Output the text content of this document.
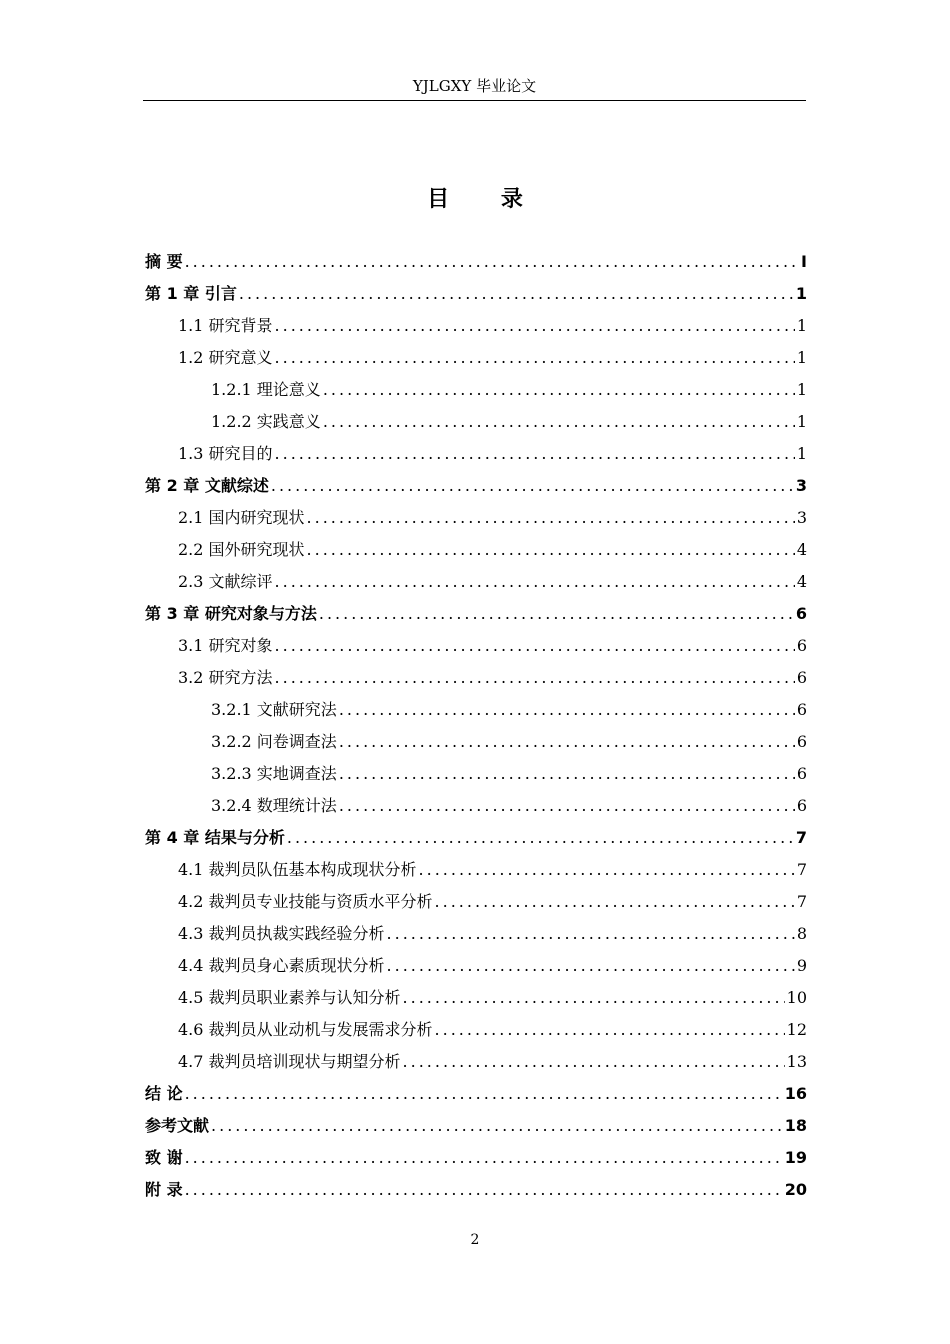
YJLGXY 毕业论文
目 录
摘 要 .....	I
第 1 章 引言 .....	1
1.1 研究背景 .....	1
1.2 研究意义 .....	1
1.2.1 理论意义 .....	1
1.2.2 实践意义 .....	1
1.3 研究目的 .....	1
第 2 章 文献综述 .....	3
2.1 国内研究现状 .....	3
2.2 国外研究现状 .....	4
2.3 文献综评 .....	4
第 3 章 研究对象与方法 .....	6
3.1 研究对象 .....	6
3.2 研究方法 .....	6
3.2.1 文献研究法 .....	6
3.2.2 问卷调查法 .....	6
3.2.3 实地调查法 .....	6
3.2.4 数理统计法 .....	6
第 4 章 结果与分析 .....	7
4.1 裁判员队伍基本构成现状分析 .....	7
4.2 裁判员专业技能与资质水平分析 .....	7
4.3 裁判员执裁实践经验分析 .....	8
4.4 裁判员身心素质现状分析 .....	9
4.5 裁判员职业素养与认知分析 .....	10
4.6 裁判员从业动机与发展需求分析 .....	12
4.7 裁判员培训现状与期望分析 .....	13
结 论 .....	16
参考文献 .....	18
致 谢 .....	19
附 录 .....	20
2
